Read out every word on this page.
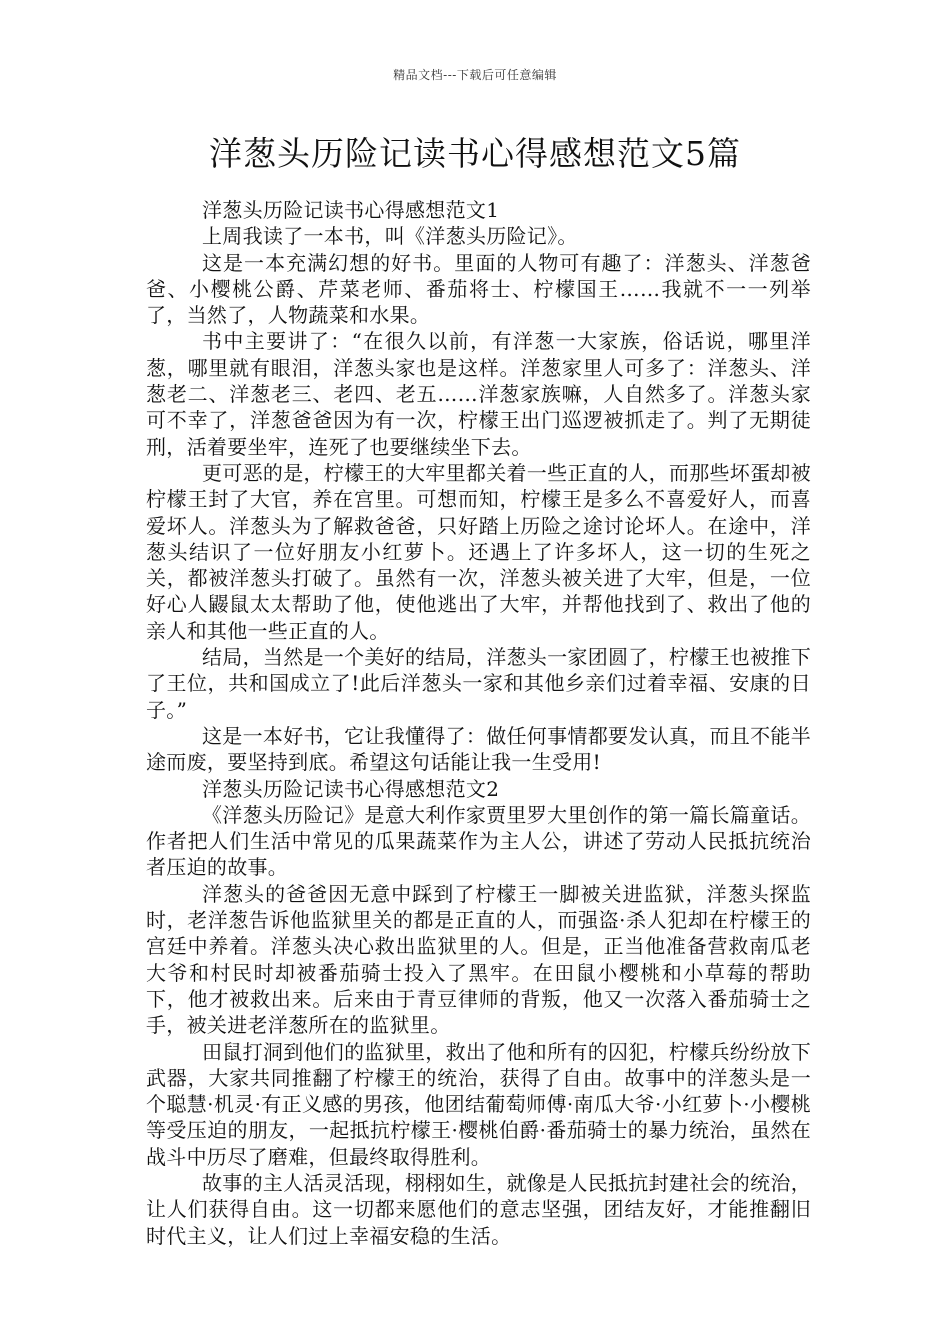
精品文档---下载后可任意编辑
洋葱头历险记读书心得感想范文5篇

洋葱头历险记读书心得感想范文1

上周我读了一本书，叫《洋葱头历险记》。

这是一本充满幻想的好书。里面的人物可有趣了：洋葱头、洋葱爸爸、小樱桃公爵、芹菜老师、番茄将士、柠檬国王……我就不一一列举了，当然了，人物蔬菜和水果。

书中主要讲了：“在很久以前，有洋葱一大家族，俗话说，哪里洋葱，哪里就有眼泪，洋葱头家也是这样。洋葱家里人可多了：洋葱头、洋葱老二、洋葱老三、老四、老五……洋葱家族嘛，人自然多了。洋葱头家可不幸了，洋葱爸爸因为有一次，柠檬王出门巡逻被抓走了。判了无期徒刑，活着要坐牢，连死了也要继续坐下去。

更可恶的是，柠檬王的大牢里都关着一些正直的人，而那些坏蛋却被柠檬王封了大官，养在宫里。可想而知，柠檬王是多么不喜爱好人，而喜爱坏人。洋葱头为了解救爸爸，只好踏上历险之途讨论坏人。在途中，洋葱头结识了一位好朋友小红萝卜。还遇上了许多坏人，这一切的生死之关，都被洋葱头打破了。虽然有一次，洋葱头被关进了大牢，但是，一位好心人鼹鼠太太帮助了他，使他逃出了大牢，并帮他找到了、救出了他的亲人和其他一些正直的人。

结局，当然是一个美好的结局，洋葱头一家团圆了，柠檬王也被推下了王位，共和国成立了!此后洋葱头一家和其他乡亲们过着幸福、安康的日子。”

这是一本好书，它让我懂得了：做任何事情都要发认真，而且不能半途而废，要坚持到底。希望这句话能让我一生受用!

洋葱头历险记读书心得感想范文2

《洋葱头历险记》是意大利作家贾里罗大里创作的第一篇长篇童话。作者把人们生活中常见的瓜果蔬菜作为主人公，讲述了劳动人民抵抗统治者压迫的故事。

洋葱头的爸爸因无意中踩到了柠檬王一脚被关进监狱，洋葱头探监时，老洋葱告诉他监狱里关的都是正直的人，而强盗·杀人犯却在柠檬王的宫廷中养着。洋葱头决心救出监狱里的人。但是，正当他准备营救南瓜老大爷和村民时却被番茄骑士投入了黑牢。在田鼠小樱桃和小草莓的帮助下，他才被救出来。后来由于青豆律师的背叛，他又一次落入番茄骑士之手，被关进老洋葱所在的监狱里。

田鼠打洞到他们的监狱里，救出了他和所有的囚犯，柠檬兵纷纷放下武器，大家共同推翻了柠檬王的统治，获得了自由。故事中的洋葱头是一个聪慧·机灵·有正义感的男孩，他团结葡萄师傅·南瓜大爷·小红萝卜·小樱桃等受压迫的朋友，一起抵抗柠檬王·樱桃伯爵·番茄骑士的暴力统治，虽然在战斗中历尽了磨难，但最终取得胜利。

故事的主人活灵活现，栩栩如生，就像是人民抵抗封建社会的统治，让人们获得自由。这一切都来愿他们的意志坚强，团结友好，才能推翻旧时代主义，让人们过上幸福安稳的生活。
